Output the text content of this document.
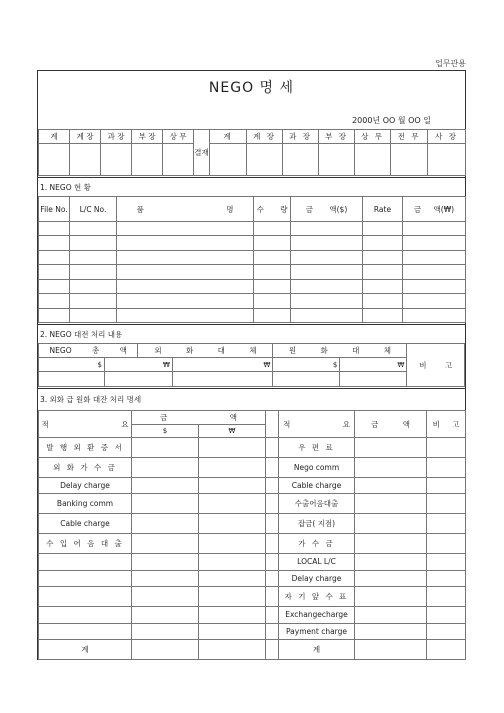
업무관용
NEGO 명 세
2000년 OO 월 OO 일
계	계 장	과 장	부 장	상 무	결재	계	계 장	과 장	부 장	상 무	전 무	사 장

1. NEGO 현 황
File No.	L/C No.	품 명	수 량	금 액($)	Rate	금 액(₩)

2. NEGO 대전 처리 내용
NEGO 총 액		외 화 대 체		원 화 대 체		비 고
$	₩		₩	$	₩	

3. 외화 급 원화 대잔 처리 명세
적 요	금 액			적 요	금 액	비 고
	$	₩				
발 행 외 환 증 서				우 편 료		
외 화 가 수 금				Nego comm		
Delay charge				Cable charge		
Banking comm				수출어음대출		
Cable charge				잡금( 지점)		
수 입 어 음 대 출				가 수 금		
				LOCAL L/C		
				Delay charge		
				자 기 앞 수 표		
				Exchangecharge		
				Payment charge		
계				계		
